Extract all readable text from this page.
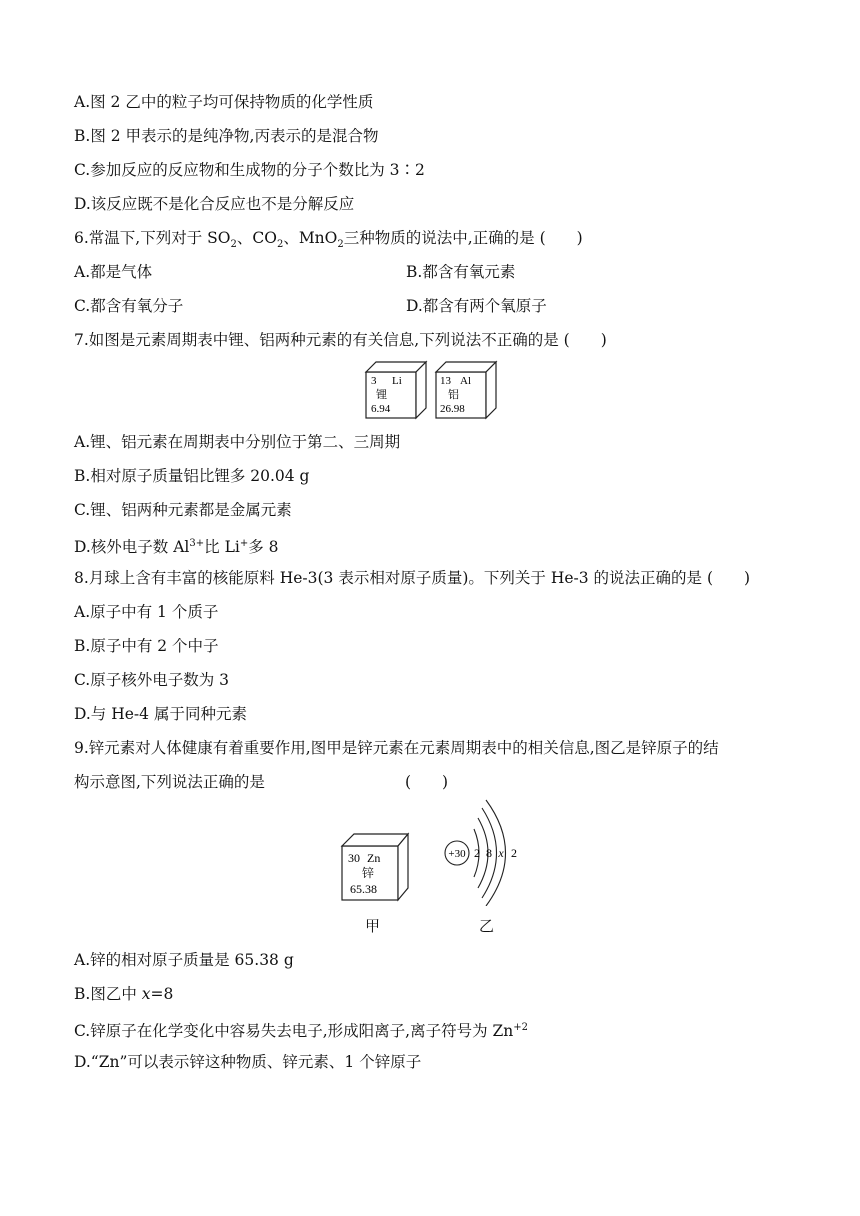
A.图 2 乙中的粒子均可保持物质的化学性质
B.图 2 甲表示的是纯净物,丙表示的是混合物
C.参加反应的反应物和生成物的分子个数比为 3∶2
D.该反应既不是化合反应也不是分解反应
6.常温下,下列对于 $SO_2$、$CO_2$、MnO$_2$三种物质的说法中,正确的是 (　　)
A.都是气体	B.都含有氧元素
C.都含有氧分子	D.都含有两个氧原子
7.如图是元素周期表中锂、铝两种元素的有关信息,下列说法不正确的是 (　　)
3 Li
锂
6.94
13 Al
铝
26.98
A.锂、铝元素在周期表中分别位于第二、三周期
B.相对原子质量铝比锂多 20.04 g
C.锂、铝两种元素都是金属元素
D.核外电子数 $Al^{3+}$比 Li+多 8
8.月球上含有丰富的核能原料 He-3(3 表示相对原子质量)。下列关于 He-3 的说法正确的是 (　　)
A.原子中有 1 个质子
B.原子中有 2 个中子
C.原子核外电子数为 3
D.与 He-4 属于同种元素
9.锌元素对人体健康有着重要作用,图甲是锌元素在元素周期表中的相关信息,图乙是锌原子的结
构示意图,下列说法正确的是	(　　)
30 Zn
锌
65.38
+30 2 8 x 2
甲	乙
A.锌的相对原子质量是 65.38 g
B.图乙中 x=8
C.锌原子在化学变化中容易失去电子,形成阳离子,离子符号为 $Zn^{+2}$
D.“Zn”可以表示锌这种物质、锌元素、1 个锌原子
